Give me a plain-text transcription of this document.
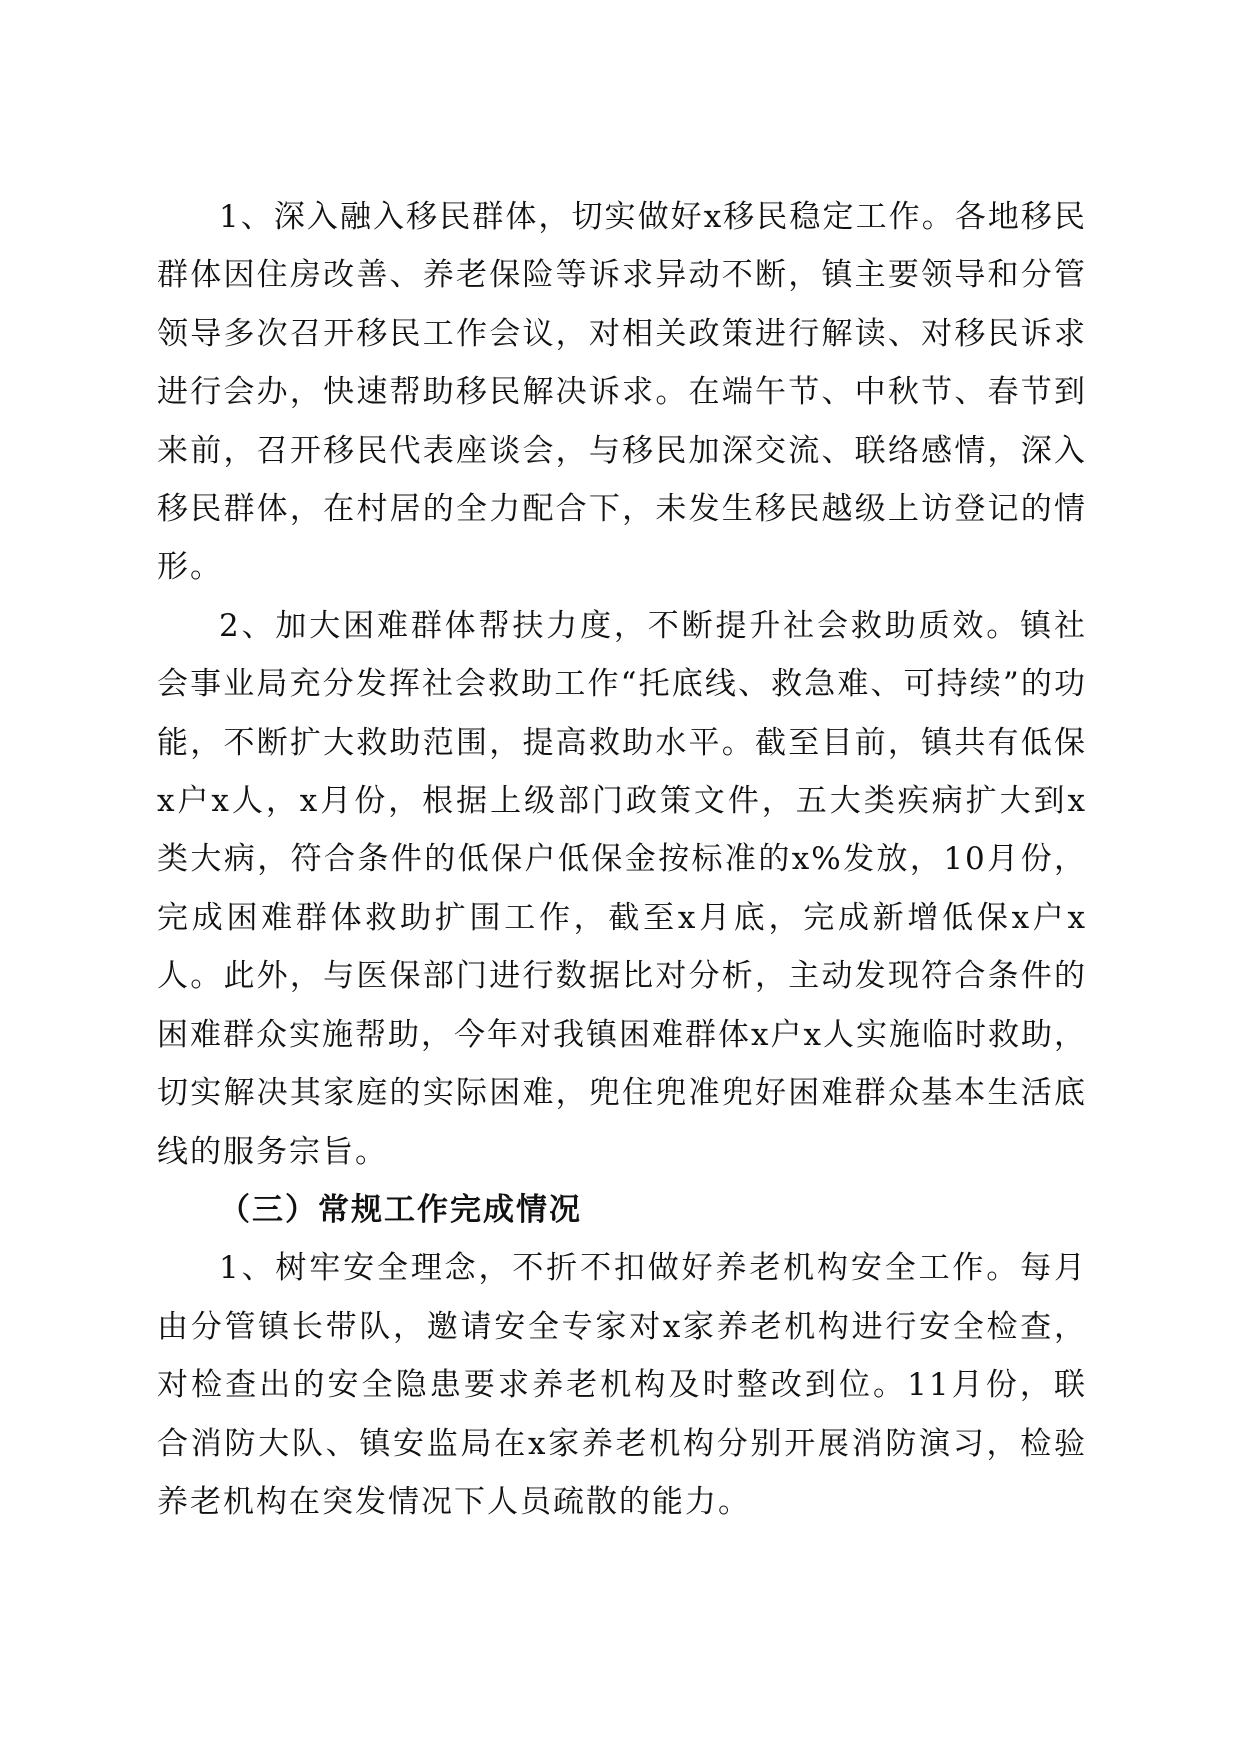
1、深入融入移民群体，切实做好x移民稳定工作。各地移民群体因住房改善、养老保险等诉求异动不断，镇主要领导和分管领导多次召开移民工作会议，对相关政策进行解读、对移民诉求进行会办，快速帮助移民解决诉求。在端午节、中秋节、春节到来前，召开移民代表座谈会，与移民加深交流、联络感情，深入移民群体，在村居的全力配合下，未发生移民越级上访登记的情形。

2、加大困难群体帮扶力度，不断提升社会救助质效。镇社会事业局充分发挥社会救助工作“托底线、救急难、可持续”的功能，不断扩大救助范围，提高救助水平。截至目前，镇共有低保x户x人，x月份，根据上级部门政策文件，五大类疾病扩大到x类大病，符合条件的低保户低保金按标准的x%发放，10月份，完成困难群体救助扩围工作，截至x月底，完成新增低保x户x人。此外，与医保部门进行数据比对分析，主动发现符合条件的困难群众实施帮助，今年对我镇困难群体x户x人实施临时救助，切实解决其家庭的实际困难，兜住兜准兜好困难群众基本生活底线的服务宗旨。

（三）常规工作完成情况

1、树牢安全理念，不折不扣做好养老机构安全工作。每月由分管镇长带队，邀请安全专家对x家养老机构进行安全检查，对检查出的安全隐患要求养老机构及时整改到位。11月份，联合消防大队、镇安监局在x家养老机构分别开展消防演习，检验养老机构在突发情况下人员疏散的能力。
